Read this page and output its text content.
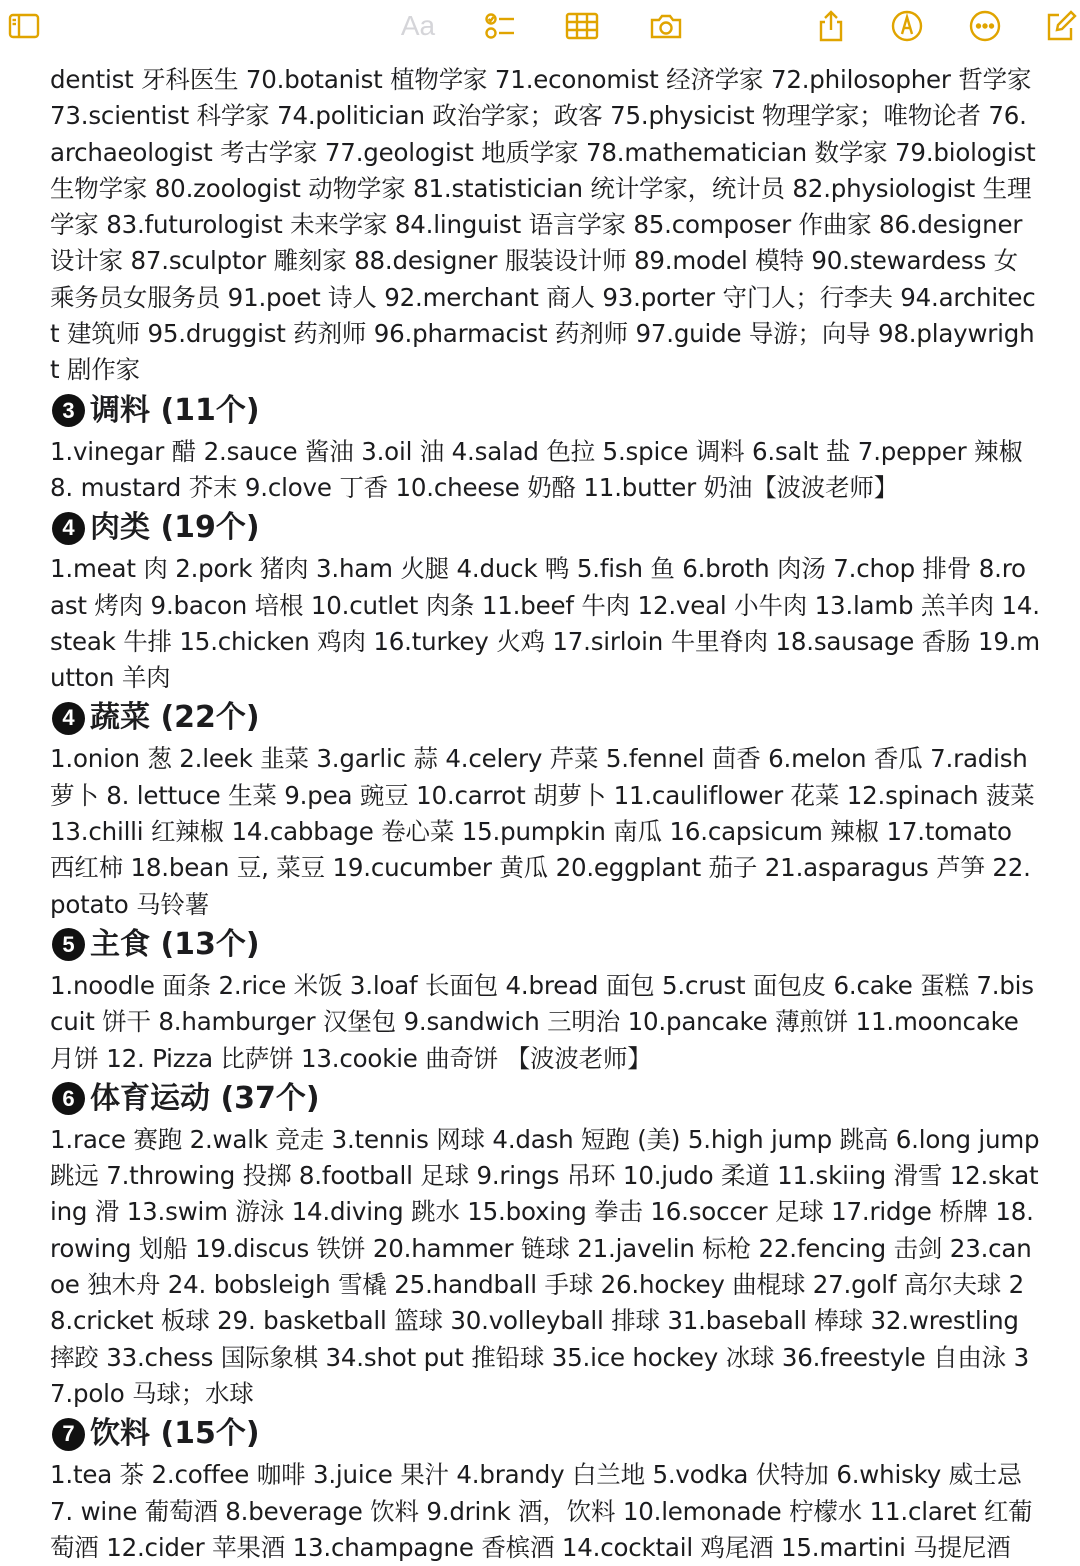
Aa

dentist 牙科医生 70.botanist 植物学家 71.economist 经济学家 72.philosopher 哲学家 73.scientist 科学家 74.politician 政治学家；政客 75.physicist 物理学家；唯物论者 76. archaeologist 考古学家 77.geologist 地质学家 78.mathematician 数学家 79.biologist 生物学家 80.zoologist 动物学家 81.statistician 统计学家，统计员 82.physiologist 生理学家 83.futurologist 未来学家 84.linguist 语言学家 85.composer 作曲家 86.designer 设计家 87.sculptor 雕刻家 88.designer 服装设计师 89.model 模特 90.stewardess 女乘务员女服务员 91.poet 诗人 92.merchant 商人 93.porter 守门人；行李夫 94.architect 建筑师 95.druggist 药剂师 96.pharmacist 药剂师 97.guide 导游；向导 98.playwright 剧作家

3 调料 (11个)

1.vinegar 醋 2.sauce 酱油 3.oil 油 4.salad 色拉 5.spice 调料 6.salt 盐 7.pepper 辣椒 8. mustard 芥末 9.clove 丁香 10.cheese 奶酪 11.butter 奶油【波波老师】

4 肉类 (19个)

1.meat 肉 2.pork 猪肉 3.ham 火腿 4.duck 鸭 5.fish 鱼 6.broth 肉汤 7.chop 排骨 8.roast 烤肉 9.bacon 培根 10.cutlet 肉条 11.beef 牛肉 12.veal 小牛肉 13.lamb 羔羊肉 14.steak 牛排 15.chicken 鸡肉 16.turkey 火鸡 17.sirloin 牛里脊肉 18.sausage 香肠 19.mutton 羊肉

4 蔬菜 (22个)

1.onion 葱 2.leek 韭菜 3.garlic 蒜 4.celery 芹菜 5.fennel 茴香 6.melon 香瓜 7.radish 萝卜 8. lettuce 生菜 9.pea 豌豆 10.carrot 胡萝卜 11.cauliflower 花菜 12.spinach 菠菜 13.chilli 红辣椒 14.cabbage 卷心菜 15.pumpkin 南瓜 16.capsicum 辣椒 17.tomato 西红柿 18.bean 豆, 菜豆 19.cucumber 黄瓜 20.eggplant 茄子 21.asparagus 芦笋 22.potato 马铃薯

5 主食 (13个)

1.noodle 面条 2.rice 米饭 3.loaf 长面包 4.bread 面包 5.crust 面包皮 6.cake 蛋糕 7.biscuit 饼干 8.hamburger 汉堡包 9.sandwich 三明治 10.pancake 薄煎饼 11.mooncake 月饼 12. Pizza 比萨饼 13.cookie 曲奇饼 【波波老师】

6 体育运动 (37个)

1.race 赛跑 2.walk 竞走 3.tennis 网球 4.dash 短跑 (美) 5.high jump 跳高 6.long jump 跳远 7.throwing 投掷 8.football 足球 9.rings 吊环 10.judo 柔道 11.skiing 滑雪 12.skating 滑 13.swim 游泳 14.diving 跳水 15.boxing 拳击 16.soccer 足球 17.ridge 桥牌 18.rowing 划船 19.discus 铁饼 20.hammer 链球 21.javelin 标枪 22.fencing 击剑 23.canoe 独木舟 24. bobsleigh 雪橇 25.handball 手球 26.hockey 曲棍球 27.golf 高尔夫球 28.cricket 板球 29. basketball 篮球 30.volleyball 排球 31.baseball 棒球 32.wrestling 摔跤 33.chess 国际象棋 34.shot put 推铅球 35.ice hockey 冰球 36.freestyle 自由泳 37.polo 马球；水球

7 饮料 (15个)

1.tea 茶 2.coffee 咖啡 3.juice 果汁 4.brandy 白兰地 5.vodka 伏特加 6.whisky 威士忌 7. wine 葡萄酒 8.beverage 饮料 9.drink 酒，饮料 10.lemonade 柠檬水 11.claret 红葡萄酒 12.cider 苹果酒 13.champagne 香槟酒 14.cocktail 鸡尾酒 15.martini 马提尼酒
